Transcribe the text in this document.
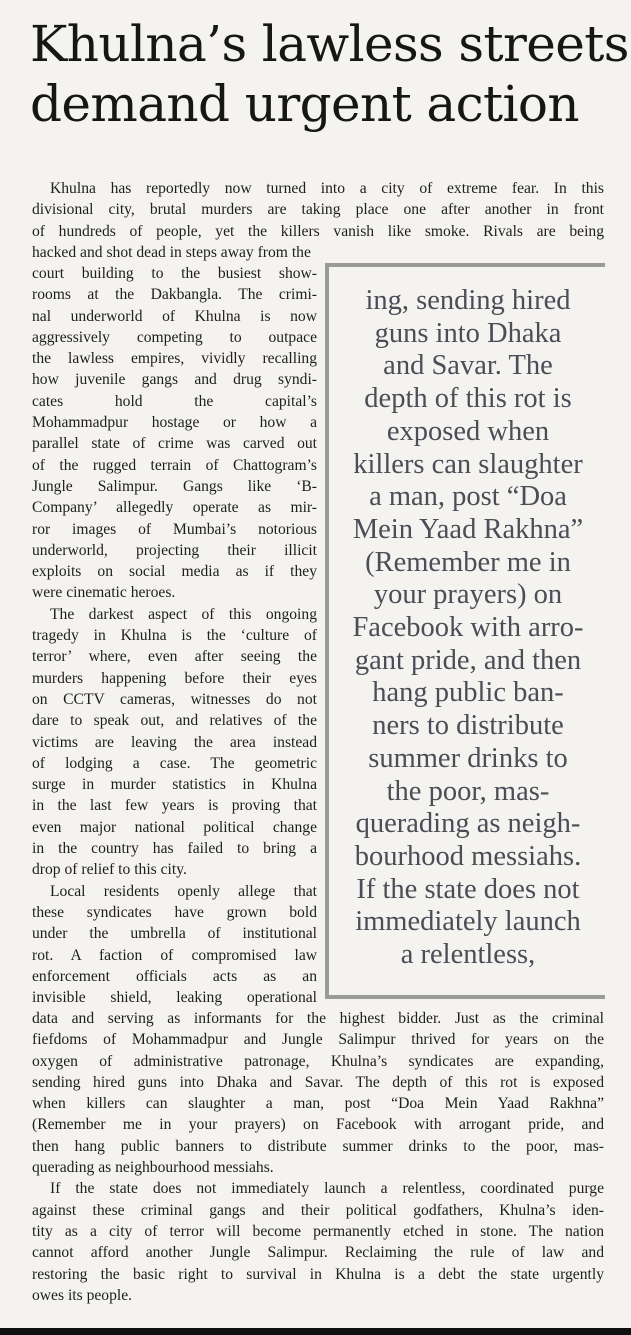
Khulna’s lawless streets
demand urgent action
Khulna has reportedly now turned into a city of extreme fear. In this
divisional city, brutal murders are taking place one after another in front
of hundreds of people, yet the killers vanish like smoke. Rivals are being
hacked and shot dead in steps away from the
court building to the busiest show-
rooms at the Dakbangla. The crimi-
nal underworld of Khulna is now
aggressively competing to outpace
the lawless empires, vividly recalling
how juvenile gangs and drug syndi-
cates hold the capital’s
Mohammadpur hostage or how a
parallel state of crime was carved out
of the rugged terrain of Chattogram’s
Jungle Salimpur. Gangs like ‘B-
Company’ allegedly operate as mir-
ror images of Mumbai’s notorious
underworld, projecting their illicit
exploits on social media as if they
were cinematic heroes.
The darkest aspect of this ongoing
tragedy in Khulna is the ‘culture of
terror’ where, even after seeing the
murders happening before their eyes
on CCTV cameras, witnesses do not
dare to speak out, and relatives of the
victims are leaving the area instead
of lodging a case. The geometric
surge in murder statistics in Khulna
in the last few years is proving that
even major national political change
in the country has failed to bring a
drop of relief to this city.
Local residents openly allege that
these syndicates have grown bold
under the umbrella of institutional
rot. A faction of compromised law
enforcement officials acts as an
invisible shield, leaking operational
ing, sending hired
guns into Dhaka
and Savar. The
depth of this rot is
exposed when
killers can slaughter
a man, post “Doa
Mein Yaad Rakhna”
(Remember me in
your prayers) on
Facebook with arro-
gant pride, and then
hang public ban-
ners to distribute
summer drinks to
the poor, mas-
querading as neigh-
bourhood messiahs.
If the state does not
immediately launch
a relentless,
data and serving as informants for the highest bidder. Just as the criminal
fiefdoms of Mohammadpur and Jungle Salimpur thrived for years on the
oxygen of administrative patronage, Khulna’s syndicates are expanding,
sending hired guns into Dhaka and Savar. The depth of this rot is exposed
when killers can slaughter a man, post “Doa Mein Yaad Rakhna”
(Remember me in your prayers) on Facebook with arrogant pride, and
then hang public banners to distribute summer drinks to the poor, mas-
querading as neighbourhood messiahs.
If the state does not immediately launch a relentless, coordinated purge
against these criminal gangs and their political godfathers, Khulna’s iden-
tity as a city of terror will become permanently etched in stone. The nation
cannot afford another Jungle Salimpur. Reclaiming the rule of law and
restoring the basic right to survival in Khulna is a debt the state urgently
owes its people.
